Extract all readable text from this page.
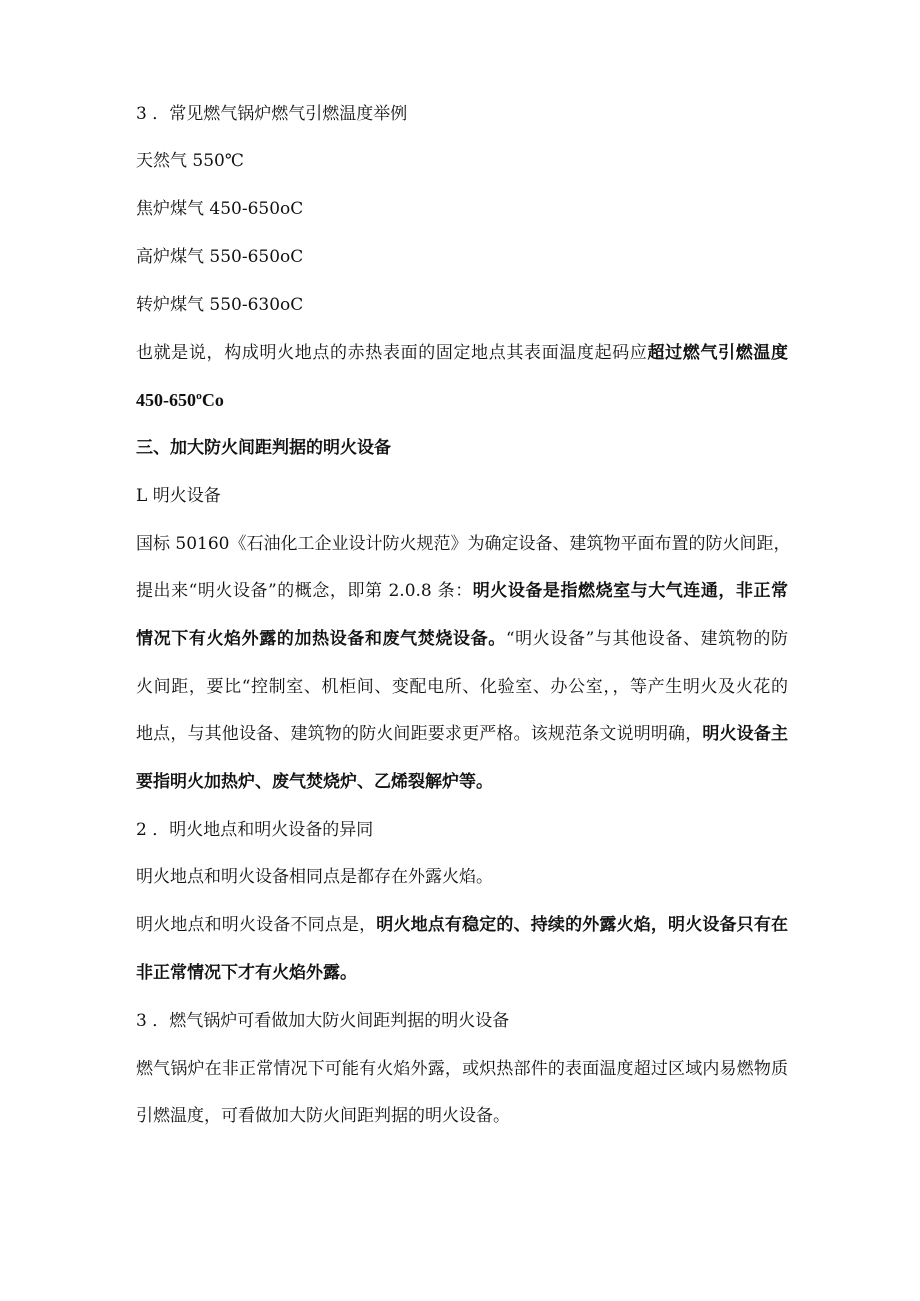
3 ．常见燃气锅炉燃气引燃温度举例
天然气 550℃
焦炉煤气 450-650oC
高炉煤气 550-650oC
转炉煤气 550-630oC
也就是说，构成明火地点的赤热表面的固定地点其表面温度起码应超过燃气引燃温度
450-650ºCo
三、加大防火间距判据的明火设备
L 明火设备
国标 50160《石油化工企业设计防火规范》为确定设备、建筑物平面布置的防火间距，
提出来“明火设备”的概念，即第 2.0.8 条：明火设备是指燃烧室与大气连通，非正常
情况下有火焰外露的加热设备和废气焚烧设备。“明火设备”与其他设备、建筑物的防
火间距，要比“控制室、机柜间、变配电所、化验室、办公室，，等产生明火及火花的
地点，与其他设备、建筑物的防火间距要求更严格。该规范条文说明明确，明火设备主
要指明火加热炉、废气焚烧炉、乙烯裂解炉等。
2 ．明火地点和明火设备的异同
明火地点和明火设备相同点是都存在外露火焰。
明火地点和明火设备不同点是，明火地点有稳定的、持续的外露火焰，明火设备只有在
非正常情况下才有火焰外露。
3 ．燃气锅炉可看做加大防火间距判据的明火设备
燃气锅炉在非正常情况下可能有火焰外露，或炽热部件的表面温度超过区域内易燃物质
引燃温度，可看做加大防火间距判据的明火设备。
